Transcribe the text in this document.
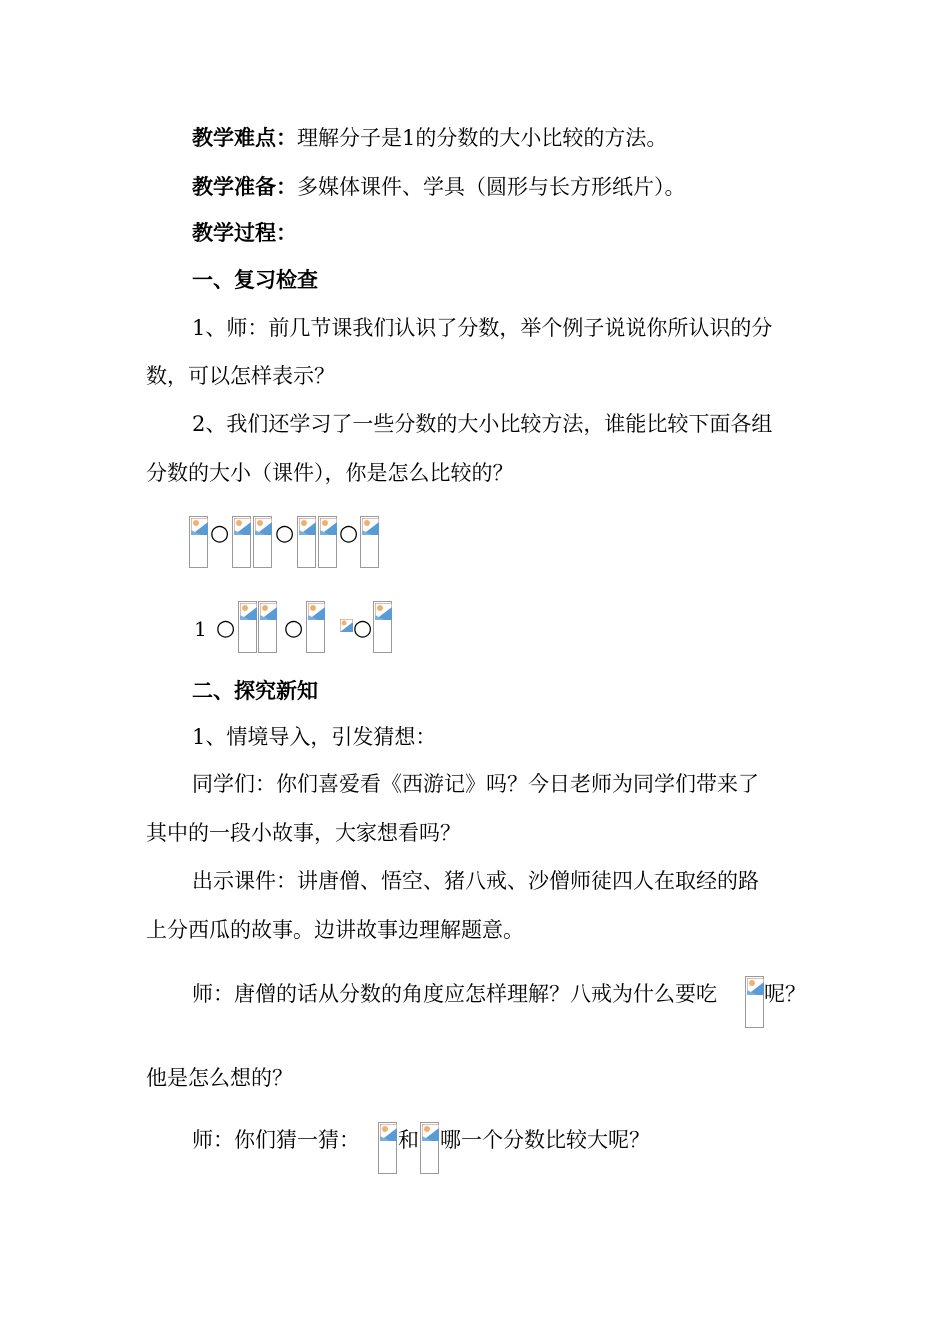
教学难点：理解分子是1的分数的大小比较的方法。
教学准备：多媒体课件、学具（圆形与长方形纸片）。
教学过程：
一、复习检查
1、师：前几节课我们认识了分数，举个例子说说你所认识的分
数，可以怎样表示？
2、我们还学习了一些分数的大小比较方法，谁能比较下面各组
分数的大小（课件），你是怎么比较的？
○ ○ ○
1 ○ ○ ○
二、探究新知
1、情境导入，引发猜想：
同学们：你们喜爱看《西游记》吗？今日老师为同学们带来了
其中的一段小故事，大家想看吗？
出示课件：讲唐僧、悟空、猪八戒、沙僧师徒四人在取经的路
上分西瓜的故事。边讲故事边理解题意。
师：唐僧的话从分数的角度应怎样理解？八戒为什么要吃 呢？
他是怎么想的？
师：你们猜一猜： 和 哪一个分数比较大呢？
